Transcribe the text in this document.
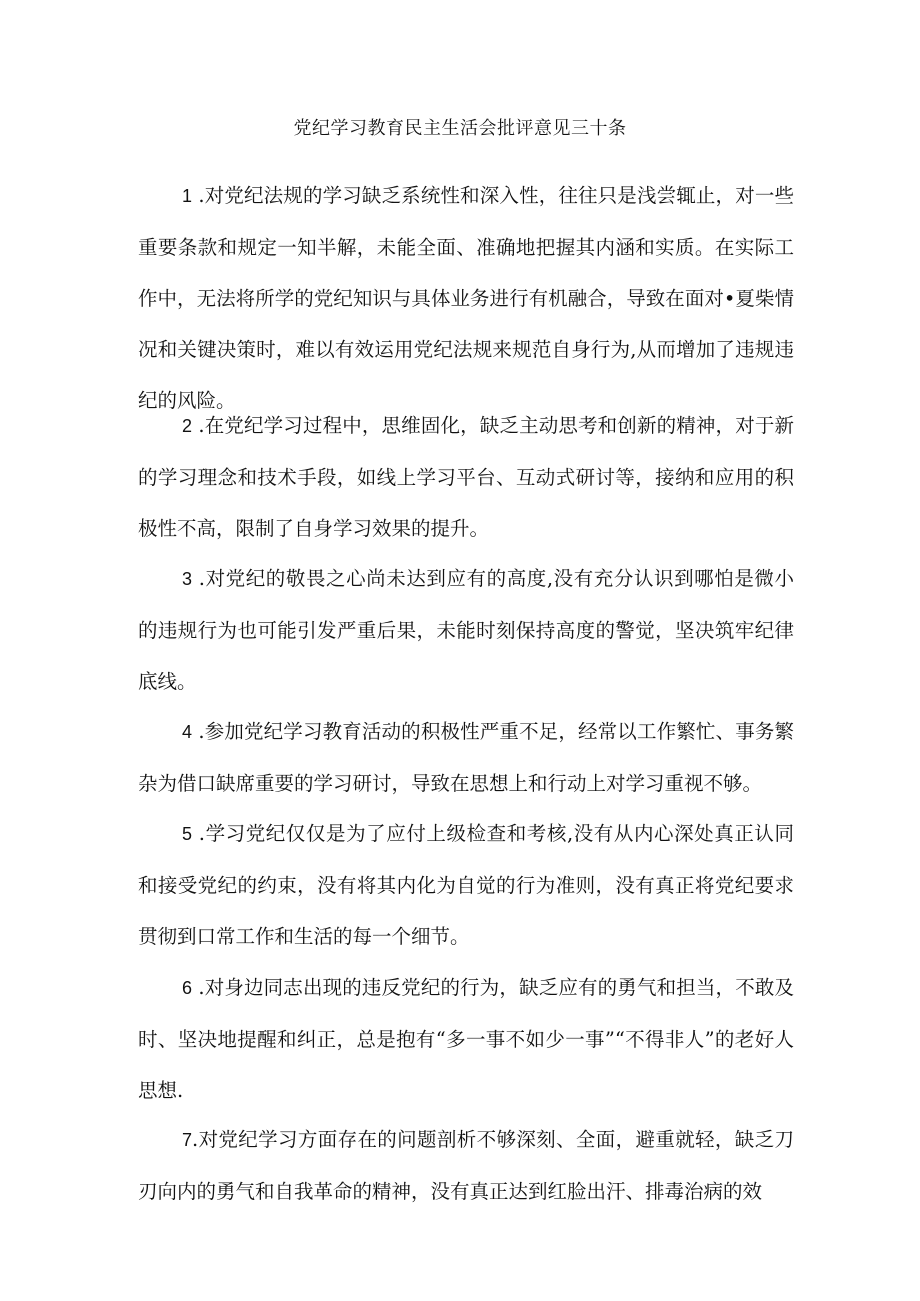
党纪学习教育民主生活会批评意见三十条

1 .对党纪法规的学习缺乏系统性和深入性，往往只是浅尝辄止，对一些重要条款和规定一知半解，未能全面、准确地把握其内涵和实质。在实际工作中，无法将所学的党纪知识与具体业务进行有机融合，导致在面对•夏柴情况和关键决策时，难以有效运用党纪法规来规范自身行为,从而增加了违规违纪的风险。

2 .在党纪学习过程中，思维固化，缺乏主动思考和创新的精神，对于新的学习理念和技术手段，如线上学习平台、互动式研讨等，接纳和应用的积极性不高，限制了自身学习效果的提升。

3 .对党纪的敬畏之心尚未达到应有的高度,没有充分认识到哪怕是微小的违规行为也可能引发严重后果，未能时刻保持高度的警觉，坚决筑牢纪律底线。

4 .参加党纪学习教育活动的积极性严重不足，经常以工作繁忙、事务繁杂为借口缺席重要的学习研讨，导致在思想上和行动上对学习重视不够。

5 .学习党纪仅仅是为了应付上级检查和考核,没有从内心深处真正认同和接受党纪的约束，没有将其内化为自觉的行为准则，没有真正将党纪要求贯彻到口常工作和生活的每一个细节。

6 .对身边同志出现的违反党纪的行为，缺乏应有的勇气和担当，不敢及时、坚决地提醒和纠正，总是抱有“多一事不如少一事”“不得非人”的老好人思想.

7.对党纪学习方面存在的问题剖析不够深刻、全面，避重就轻，缺乏刀刃向内的勇气和自我革命的精神，没有真正达到红脸出汗、排毒治病的效
